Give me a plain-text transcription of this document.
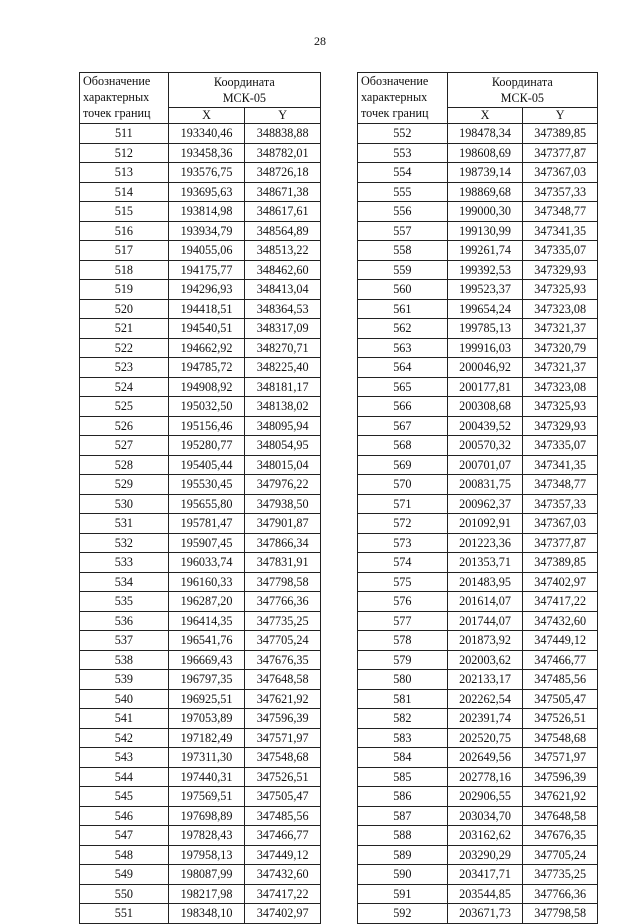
28
Обозначение
характерных
точек границ	Координата
МСК-05	
	X	Y
511	193340,46	348838,88
512	193458,36	348782,01
513	193576,75	348726,18
514	193695,63	348671,38
515	193814,98	348617,61
516	193934,79	348564,89
517	194055,06	348513,22
518	194175,77	348462,60
519	194296,93	348413,04
520	194418,51	348364,53
521	194540,51	348317,09
522	194662,92	348270,71
523	194785,72	348225,40
524	194908,92	348181,17
525	195032,50	348138,02
526	195156,46	348095,94
527	195280,77	348054,95
528	195405,44	348015,04
529	195530,45	347976,22
530	195655,80	347938,50
531	195781,47	347901,87
532	195907,45	347866,34
533	196033,74	347831,91
534	196160,33	347798,58
535	196287,20	347766,36
536	196414,35	347735,25
537	196541,76	347705,24
538	196669,43	347676,35
539	196797,35	347648,58
540	196925,51	347621,92
541	197053,89	347596,39
542	197182,49	347571,97
543	197311,30	347548,68
544	197440,31	347526,51
545	197569,51	347505,47
546	197698,89	347485,56
547	197828,43	347466,77
548	197958,13	347449,12
549	198087,99	347432,60
550	198217,98	347417,22
551	198348,10	347402,97
Обозначение
характерных
точек границ	Координата
МСК-05	
	X	Y
552	198478,34	347389,85
553	198608,69	347377,87
554	198739,14	347367,03
555	198869,68	347357,33
556	199000,30	347348,77
557	199130,99	347341,35
558	199261,74	347335,07
559	199392,53	347329,93
560	199523,37	347325,93
561	199654,24	347323,08
562	199785,13	347321,37
563	199916,03	347320,79
564	200046,92	347321,37
565	200177,81	347323,08
566	200308,68	347325,93
567	200439,52	347329,93
568	200570,32	347335,07
569	200701,07	347341,35
570	200831,75	347348,77
571	200962,37	347357,33
572	201092,91	347367,03
573	201223,36	347377,87
574	201353,71	347389,85
575	201483,95	347402,97
576	201614,07	347417,22
577	201744,07	347432,60
578	201873,92	347449,12
579	202003,62	347466,77
580	202133,17	347485,56
581	202262,54	347505,47
582	202391,74	347526,51
583	202520,75	347548,68
584	202649,56	347571,97
585	202778,16	347596,39
586	202906,55	347621,92
587	203034,70	347648,58
588	203162,62	347676,35
589	203290,29	347705,24
590	203417,71	347735,25
591	203544,85	347766,36
592	203671,73	347798,58
